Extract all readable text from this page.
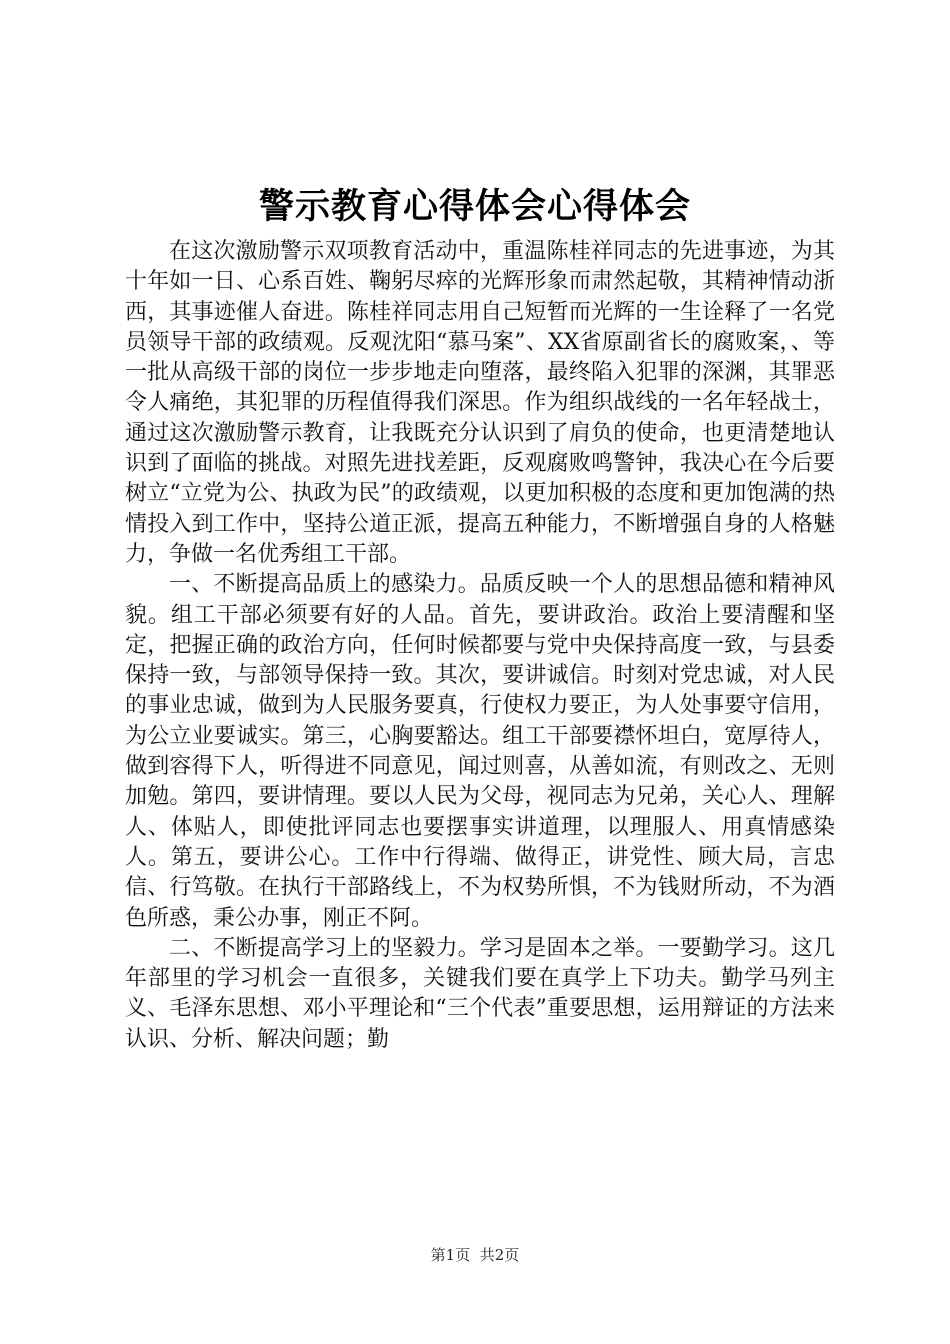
警示教育心得体会心得体会

在这次激励警示双项教育活动中，重温陈桂祥同志的先进事迹，为其十年如一日、心系百姓、鞠躬尽瘁的光辉形象而肃然起敬，其精神情动浙西，其事迹催人奋进。陈桂祥同志用自己短暂而光辉的一生诠释了一名党员领导干部的政绩观。反观沈阳“慕马案”、XX省原副省长的腐败案，、等一批从高级干部的岗位一步步地走向堕落，最终陷入犯罪的深渊，其罪恶令人痛绝，其犯罪的历程值得我们深思。作为组织战线的一名年轻战士，通过这次激励警示教育，让我既充分认识到了肩负的使命，也更清楚地认识到了面临的挑战。对照先进找差距，反观腐败鸣警钟，我决心在今后要树立“立党为公、执政为民”的政绩观，以更加积极的态度和更加饱满的热情投入到工作中，坚持公道正派，提高五种能力，不断增强自身的人格魅力，争做一名优秀组工干部。

一、不断提高品质上的感染力。品质反映一个人的思想品德和精神风貌。组工干部必须要有好的人品。首先，要讲政治。政治上要清醒和坚定，把握正确的政治方向，任何时候都要与党中央保持高度一致，与县委保持一致，与部领导保持一致。其次，要讲诚信。时刻对党忠诚，对人民的事业忠诚，做到为人民服务要真，行使权力要正，为人处事要守信用，为公立业要诚实。第三，心胸要豁达。组工干部要襟怀坦白，宽厚待人，做到容得下人，听得进不同意见，闻过则喜，从善如流，有则改之、无则加勉。第四，要讲情理。要以人民为父母，视同志为兄弟，关心人、理解人、体贴人，即使批评同志也要摆事实讲道理，以理服人、用真情感染人。第五，要讲公心。工作中行得端、做得正，讲党性、顾大局，言忠信、行笃敬。在执行干部路线上，不为权势所惧，不为钱财所动，不为酒色所惑，秉公办事，刚正不阿。

二、不断提高学习上的坚毅力。学习是固本之举。一要勤学习。这几年部里的学习机会一直很多，关键我们要在真学上下功夫。勤学马列主义、毛泽东思想、邓小平理论和“三个代表”重要思想，运用辩证的方法来认识、分析、解决问题；勤

第1页 共2页
